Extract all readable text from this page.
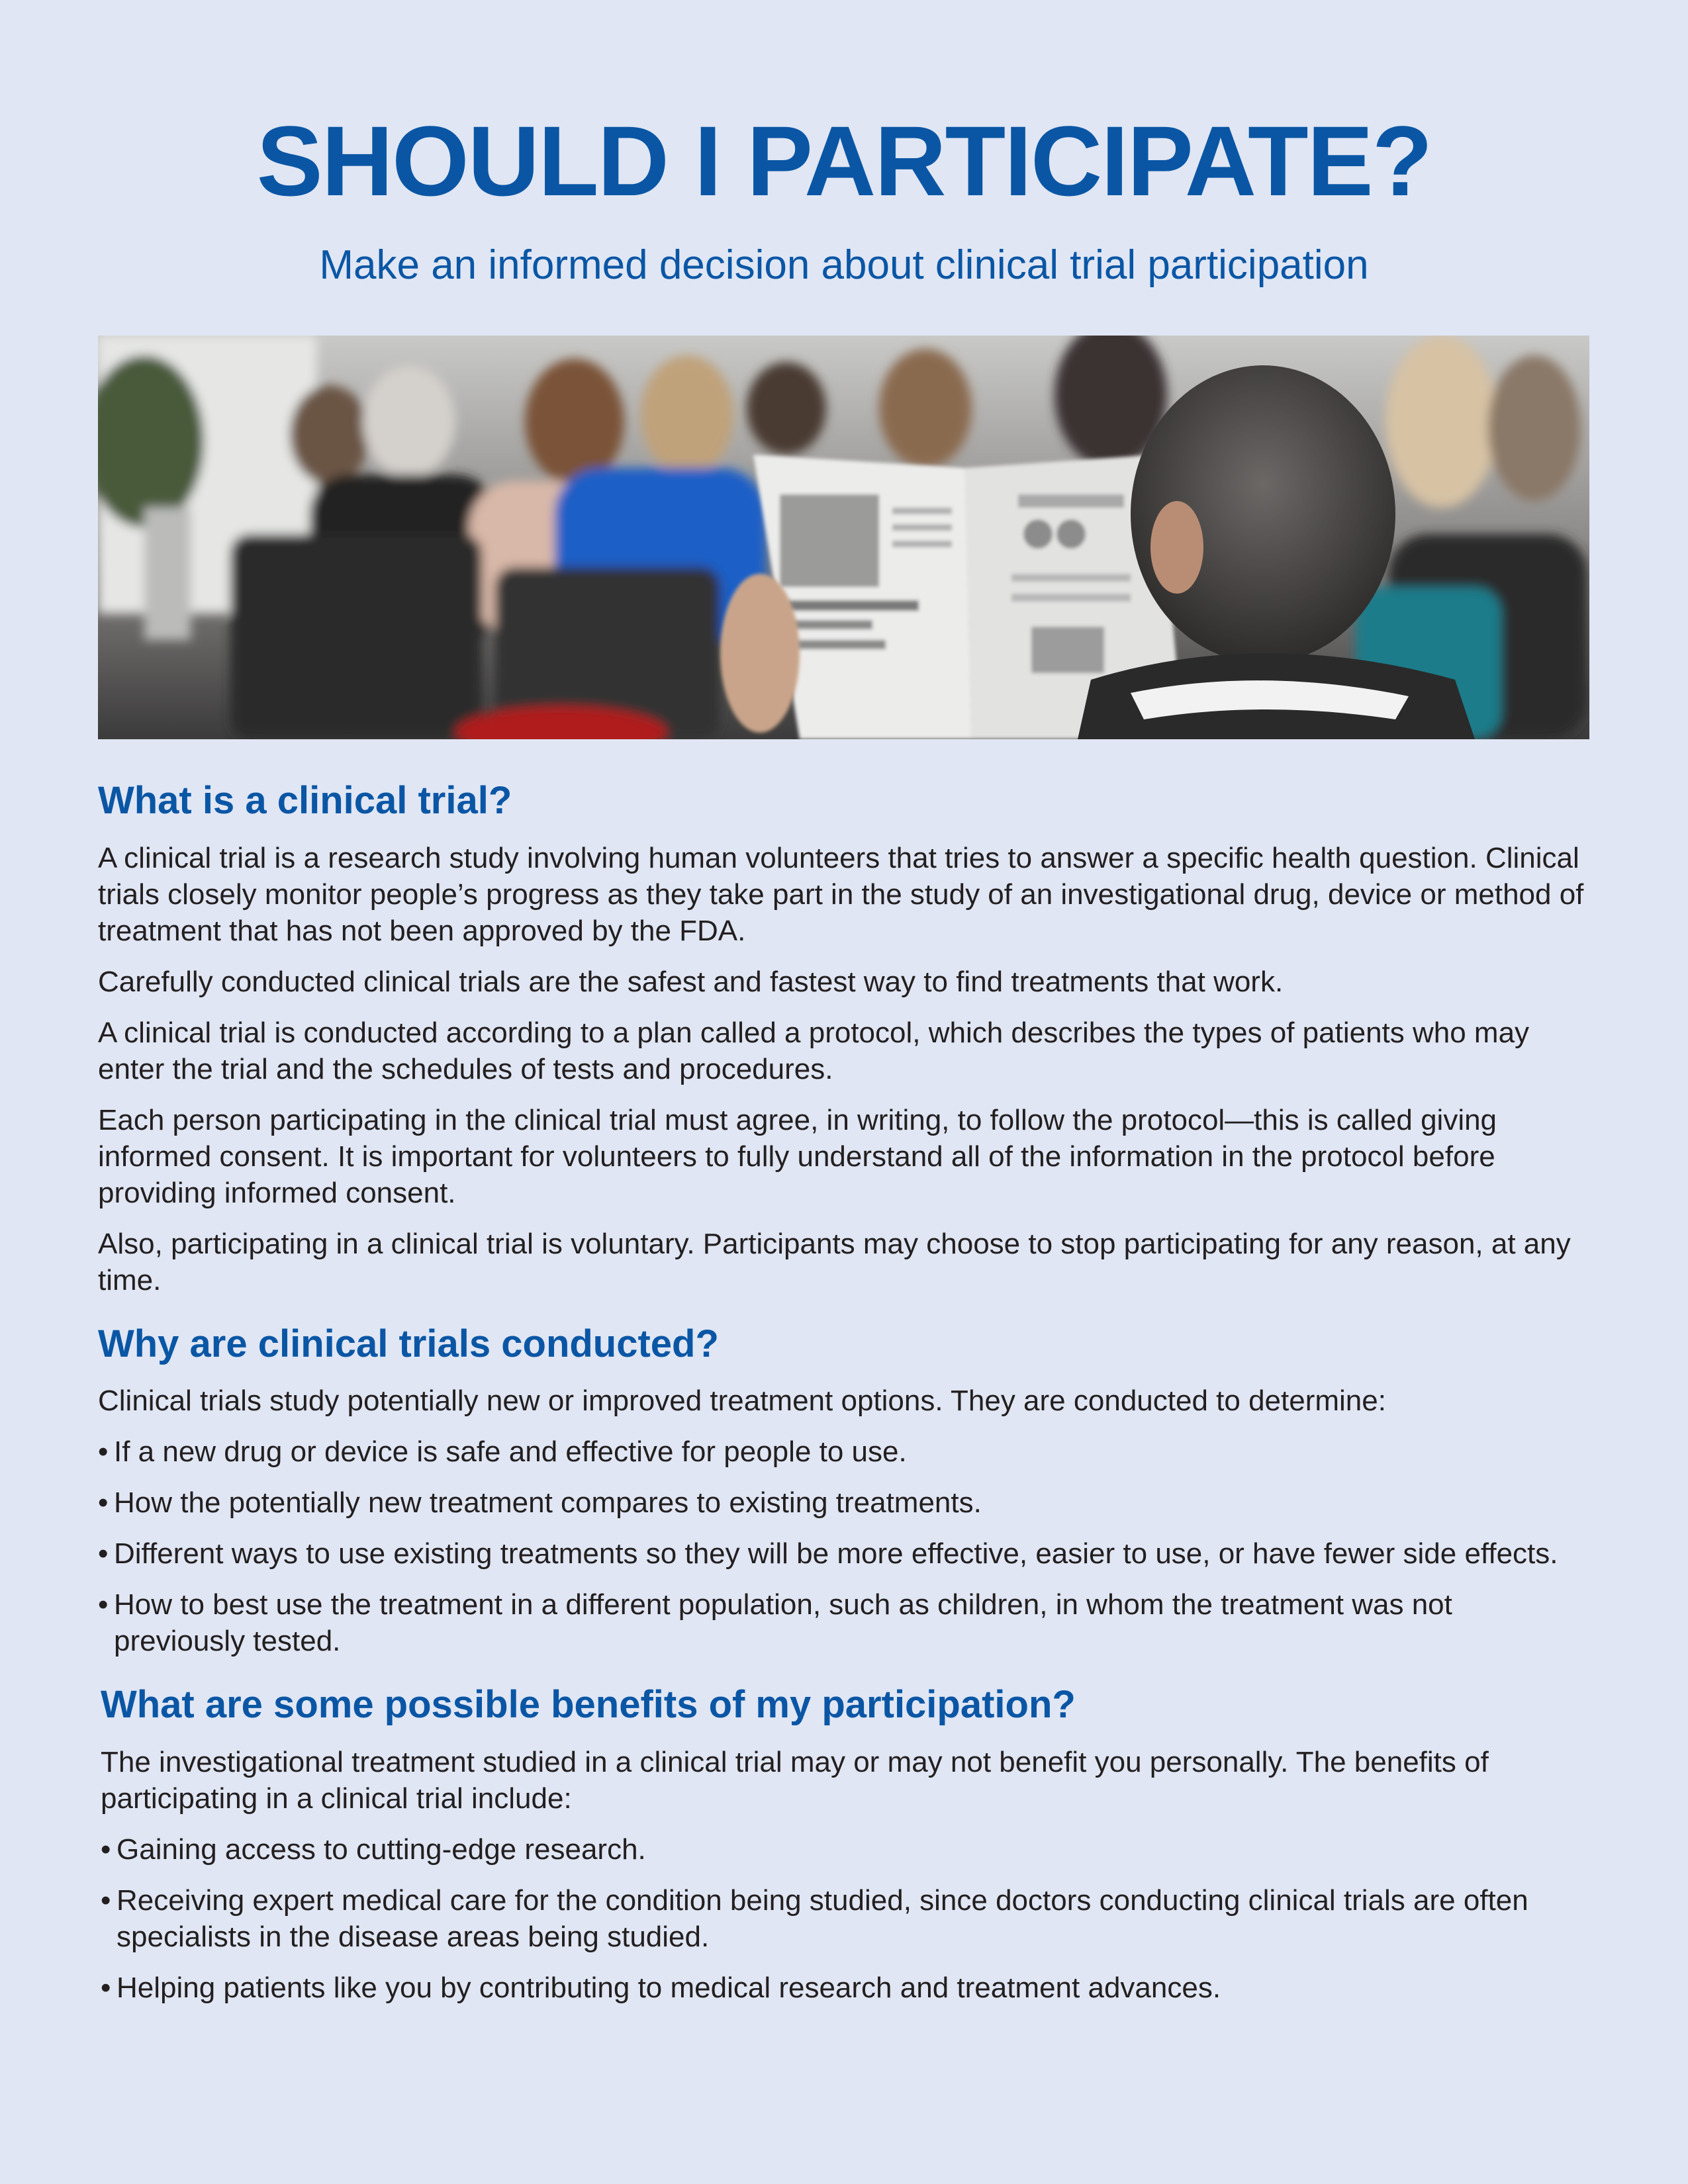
SHOULD I PARTICIPATE?
Make an informed decision about clinical trial participation
What is a clinical trial?

A clinical trial is a research study involving human volunteers that tries to answer a specific health question. Clinical trials closely monitor people’s progress as they take part in the study of an investigational drug, device or method of treatment that has not been approved by the FDA.

Carefully conducted clinical trials are the safest and fastest way to find treatments that work.

A clinical trial is conducted according to a plan called a protocol, which describes the types of patients who may enter the trial and the schedules of tests and procedures.

Each person participating in the clinical trial must agree, in writing, to follow the protocol—this is called giving informed consent. It is important for volunteers to fully understand all of the information in the protocol before providing informed consent.

Also, participating in a clinical trial is voluntary. Participants may choose to stop participating for any reason, at any time.

Why are clinical trials conducted?

Clinical trials study potentially new or improved treatment options. They are conducted to determine:

• If a new drug or device is safe and effective for people to use.
• How the potentially new treatment compares to existing treatments.
• Different ways to use existing treatments so they will be more effective, easier to use, or have fewer side effects.
• How to best use the treatment in a different population, such as children, in whom the treatment was not previously tested.
What are some possible benefits of my participation?

The investigational treatment studied in a clinical trial may or may not benefit you personally. The benefits of participating in a clinical trial include:

• Gaining access to cutting-edge research.
• Receiving expert medical care for the condition being studied, since doctors conducting clinical trials are often specialists in the disease areas being studied.
• Helping patients like you by contributing to medical research and treatment advances.
